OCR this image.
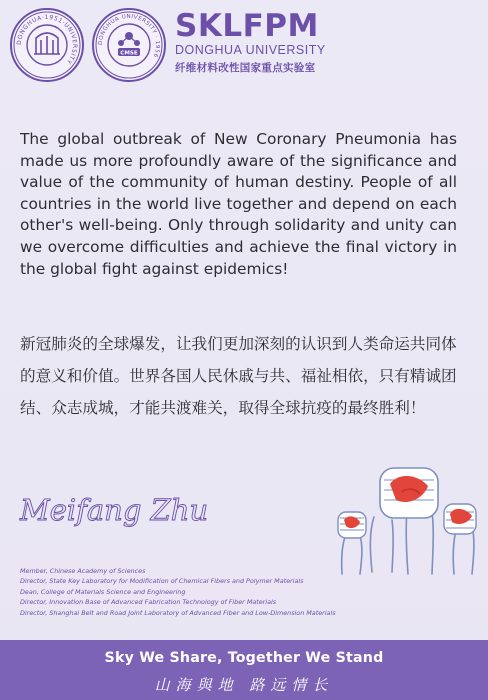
DONGHUA·1951·UNIVERSITY
DONGHUA UNIVERSITY · 1956
CMSE
SKLFPM
DONGHUA UNIVERSITY
纤维材料改性国家重点实验室

The global outbreak of New Coronary Pneumonia has made us more profoundly aware of the significance and value of the community of human destiny. People of all countries in the world live together and depend on each other's well-being. Only through solidarity and unity can we overcome difficulties and achieve the final victory in the global fight against epidemics!

新冠肺炎的全球爆发，让我们更加深刻的认识到人类命运共同体的意义和价值。世界各国人民休戚与共、福祉相依，只有精诚团结、众志成城，才能共渡难关，取得全球抗疫的最终胜利！

Meifang Zhu
Member, Chinese Academy of Sciences
Director, State Key Laboratory for Modification of Chemical Fibers and Polymer Materials
Dean, College of Materials Science and Engineering
Director, Innovation Base of Advanced Fabrication Technology of Fiber Materials
Director, Shanghai Belt and Road Joint Laboratory of Advanced Fiber and Low-Dimension Materials
Sky We Share, Together We Stand
山海與地 路远情长
